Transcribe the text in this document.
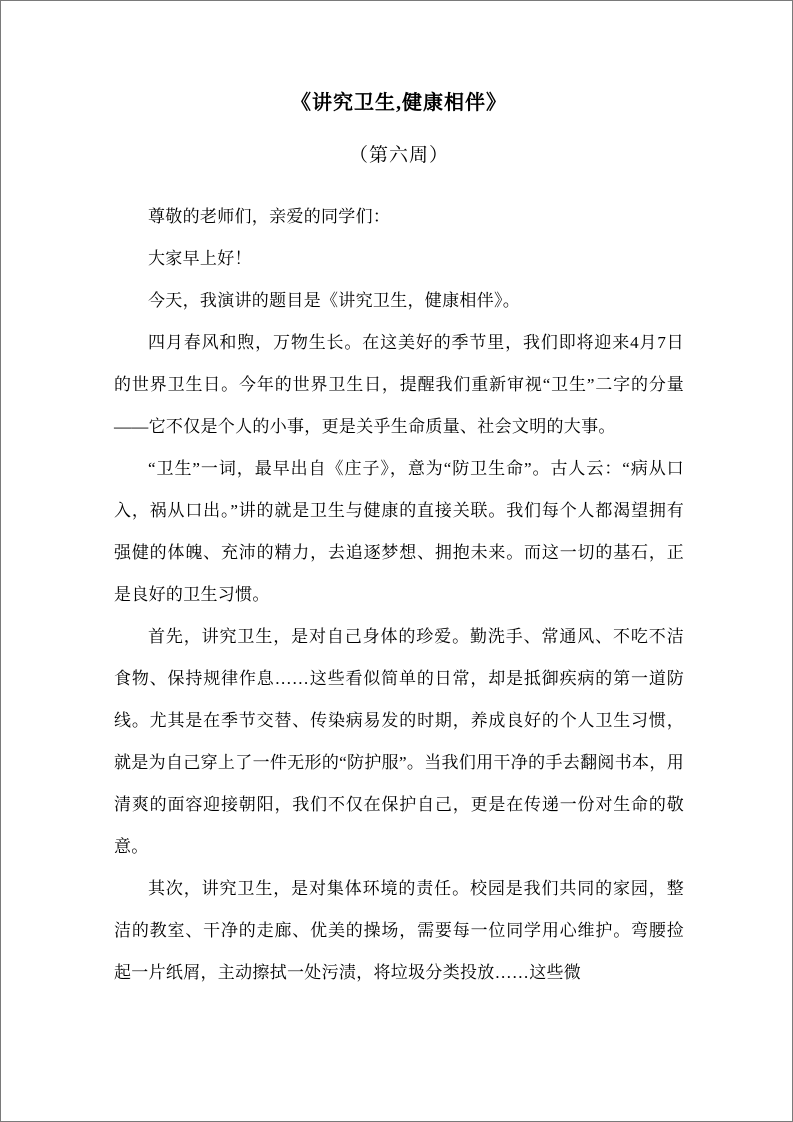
《讲究卫生,健康相伴》
（第六周）

尊敬的老师们，亲爱的同学们：

大家早上好！

今天，我演讲的题目是《讲究卫生，健康相伴》。

四月春风和煦，万物生长。在这美好的季节里，我们即将迎来4月7日的世界卫生日。今年的世界卫生日，提醒我们重新审视“卫生”二字的分量——它不仅是个人的小事，更是关乎生命质量、社会文明的大事。

“卫生”一词，最早出自《庄子》，意为“防卫生命”。古人云：“病从口入，祸从口出。”讲的就是卫生与健康的直接关联。我们每个人都渴望拥有强健的体魄、充沛的精力，去追逐梦想、拥抱未来。而这一切的基石，正是良好的卫生习惯。

首先，讲究卫生，是对自己身体的珍爱。勤洗手、常通风、不吃不洁食物、保持规律作息……这些看似简单的日常，却是抵御疾病的第一道防线。尤其是在季节交替、传染病易发的时期，养成良好的个人卫生习惯，就是为自己穿上了一件无形的“防护服”。当我们用干净的手去翻阅书本，用清爽的面容迎接朝阳，我们不仅在保护自己，更是在传递一份对生命的敬意。

其次，讲究卫生，是对集体环境的责任。校园是我们共同的家园，整洁的教室、干净的走廊、优美的操场，需要每一位同学用心维护。弯腰捡起一片纸屑，主动擦拭一处污渍，将垃圾分类投放……这些微
